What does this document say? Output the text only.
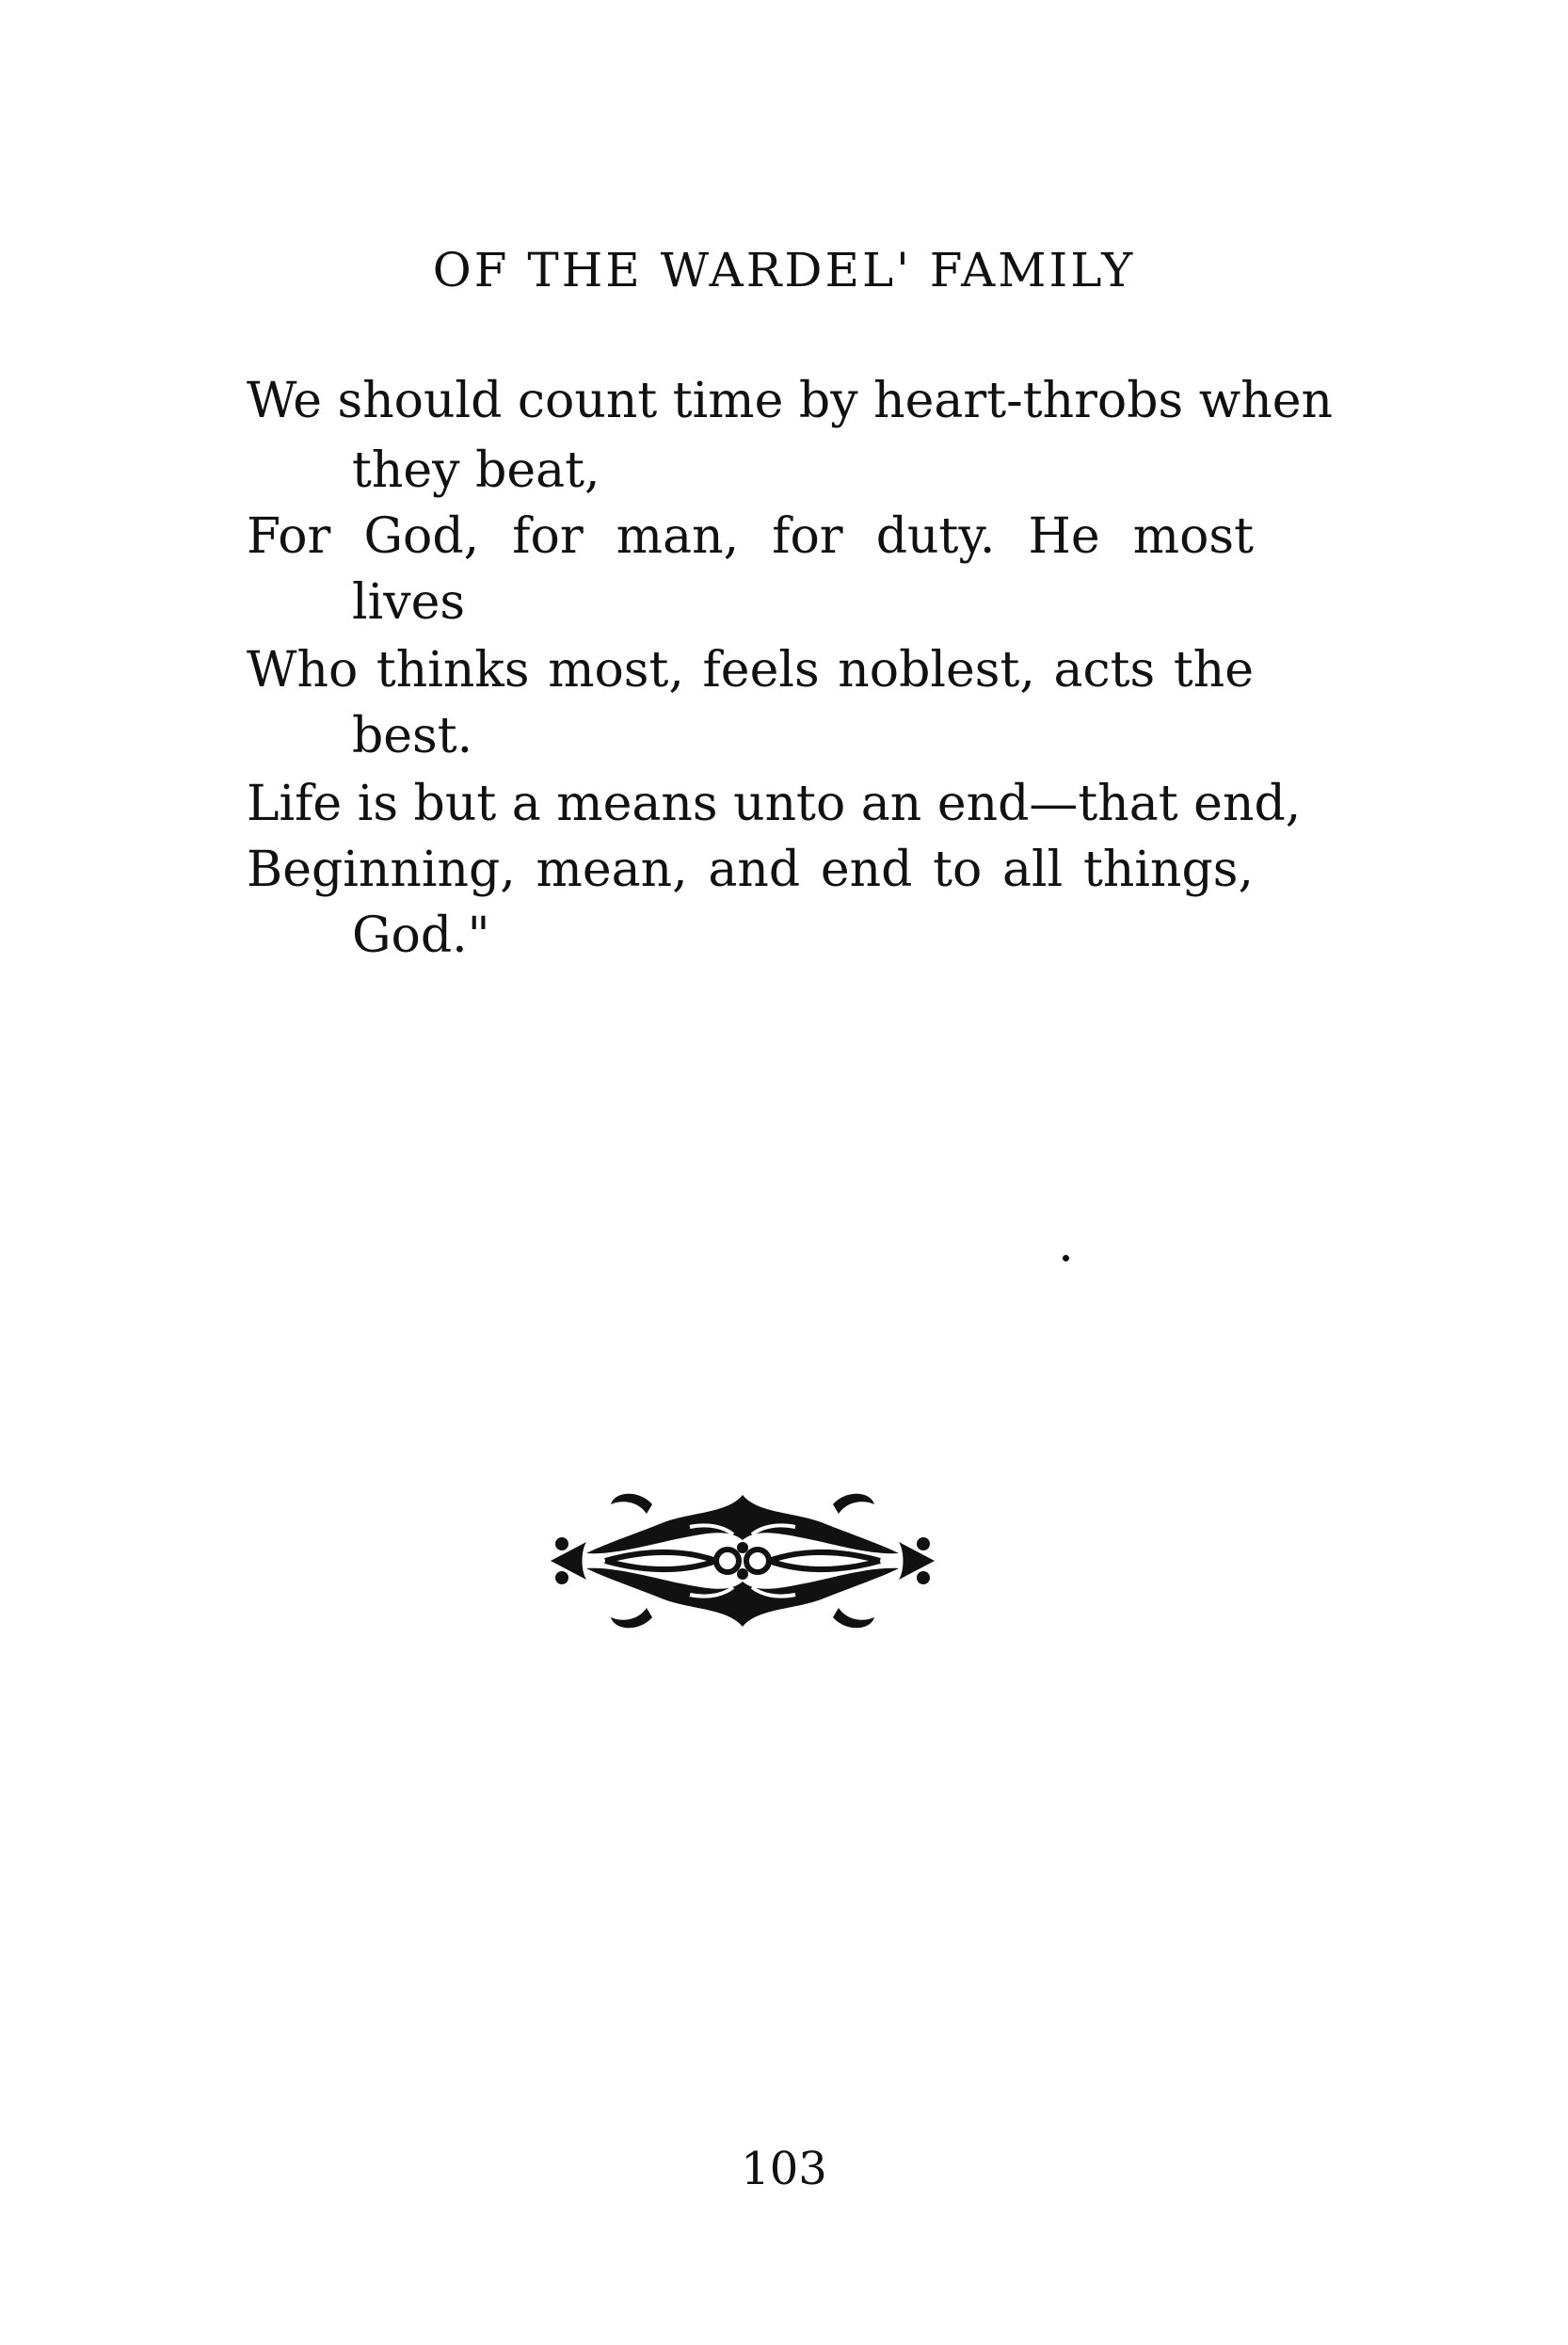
OF THE WARDEL' FAMILY
We should count time by heart-throbs when
they beat,
For God, for man, for duty. He most
lives
Who thinks most, feels noblest, acts the
best.
Life is but a means unto an end—that end,
Beginning, mean, and end to all things,
God."
103
